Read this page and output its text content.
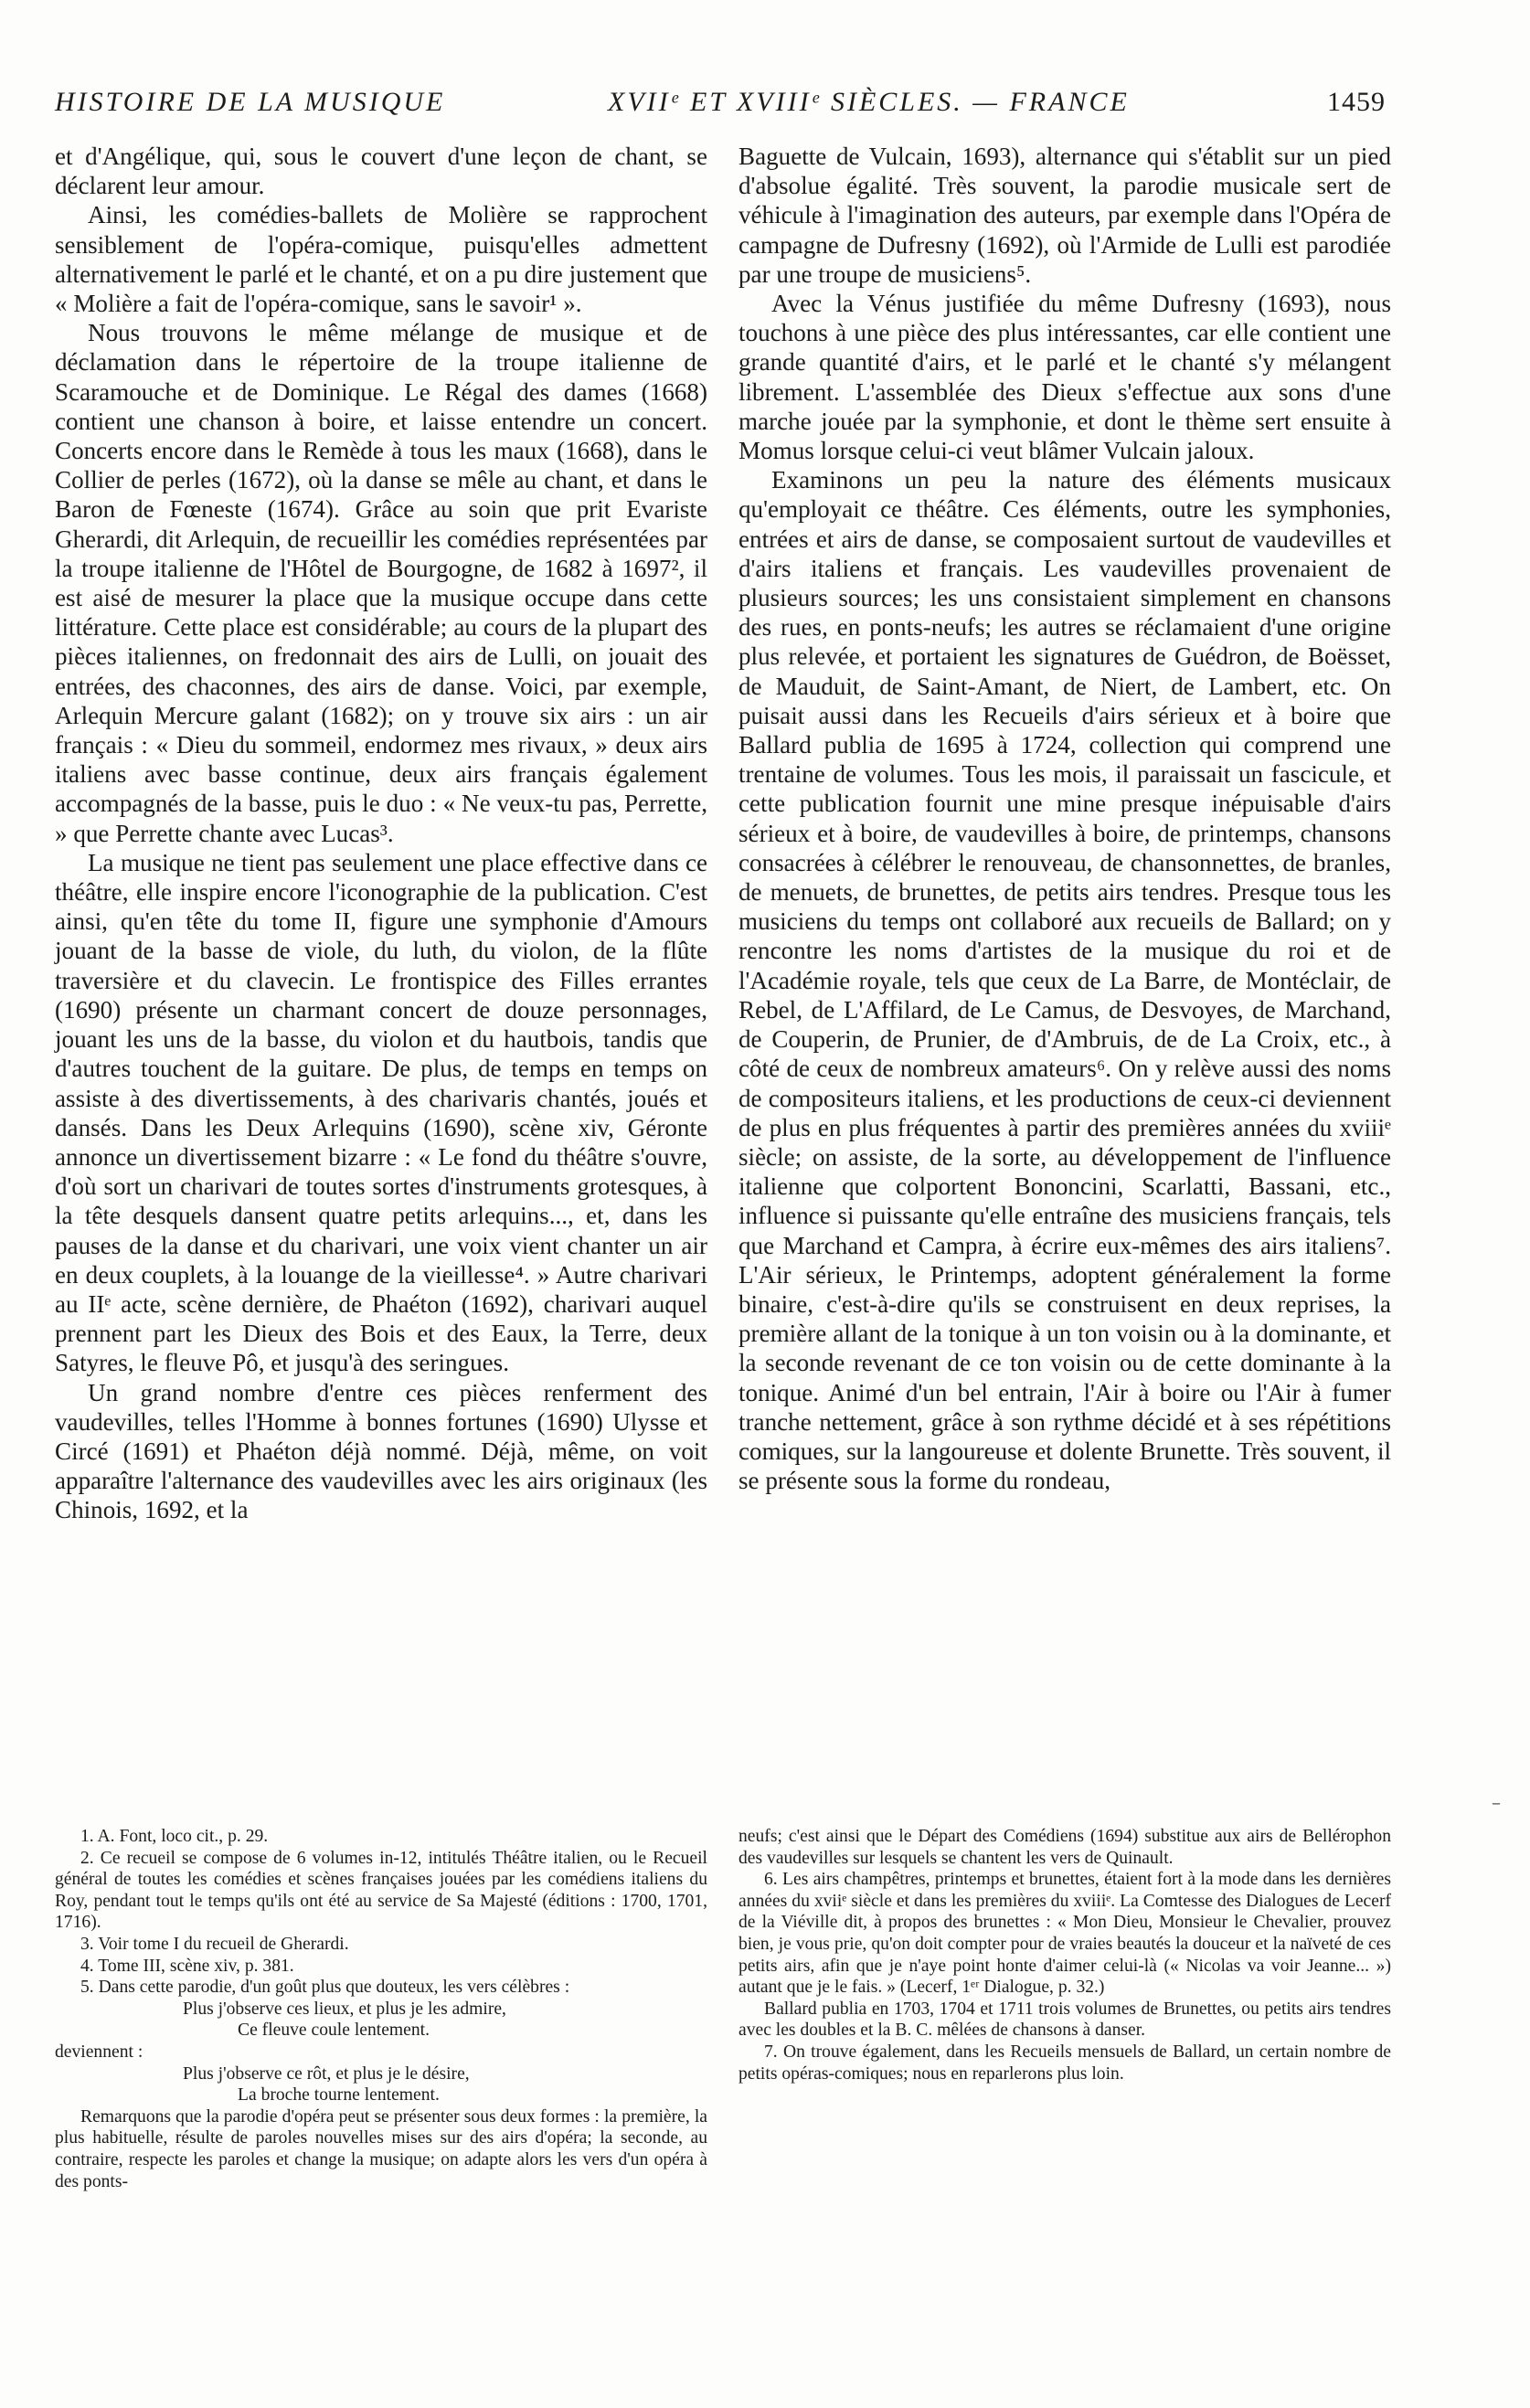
HISTOIRE DE LA MUSIQUE	XVIIᵉ ET XVIIIᵉ SIÈCLES. — FRANCE	1459

et d'Angélique, qui, sous le couvert d'une leçon de chant, se déclarent leur amour.

Ainsi, les comédies-ballets de Molière se rapprochent sensiblement de l'opéra-comique, puisqu'elles admettent alternativement le parlé et le chanté, et on a pu dire justement que « Molière a fait de l'opéra-comique, sans le savoir¹ ».

Nous trouvons le même mélange de musique et de déclamation dans le répertoire de la troupe italienne de Scaramouche et de Dominique. Le Régal des dames (1668) contient une chanson à boire, et laisse entendre un concert. Concerts encore dans le Remède à tous les maux (1668), dans le Collier de perles (1672), où la danse se mêle au chant, et dans le Baron de Fœneste (1674). Grâce au soin que prit Evariste Gherardi, dit Arlequin, de recueillir les comédies représentées par la troupe italienne de l'Hôtel de Bourgogne, de 1682 à 1697², il est aisé de mesurer la place que la musique occupe dans cette littérature. Cette place est considérable; au cours de la plupart des pièces italiennes, on fredonnait des airs de Lulli, on jouait des entrées, des chaconnes, des airs de danse. Voici, par exemple, Arlequin Mercure galant (1682); on y trouve six airs : un air français : « Dieu du sommeil, endormez mes rivaux, » deux airs italiens avec basse continue, deux airs français également accompagnés de la basse, puis le duo : « Ne veux-tu pas, Perrette, » que Perrette chante avec Lucas³.

La musique ne tient pas seulement une place effective dans ce théâtre, elle inspire encore l'iconographie de la publication. C'est ainsi, qu'en tête du tome II, figure une symphonie d'Amours jouant de la basse de viole, du luth, du violon, de la flûte traversière et du clavecin. Le frontispice des Filles errantes (1690) présente un charmant concert de douze personnages, jouant les uns de la basse, du violon et du hautbois, tandis que d'autres touchent de la guitare. De plus, de temps en temps on assiste à des divertissements, à des charivaris chantés, joués et dansés. Dans les Deux Arlequins (1690), scène xiv, Géronte annonce un divertissement bizarre : « Le fond du théâtre s'ouvre, d'où sort un charivari de toutes sortes d'instruments grotesques, à la tête desquels dansent quatre petits arlequins..., et, dans les pauses de la danse et du charivari, une voix vient chanter un air en deux couplets, à la louange de la vieillesse⁴. » Autre charivari au IIᵉ acte, scène dernière, de Phaéton (1692), charivari auquel prennent part les Dieux des Bois et des Eaux, la Terre, deux Satyres, le fleuve Pô, et jusqu'à des seringues.

Un grand nombre d'entre ces pièces renferment des vaudevilles, telles l'Homme à bonnes fortunes (1690) Ulysse et Circé (1691) et Phaéton déjà nommé. Déjà, même, on voit apparaître l'alternance des vaudevilles avec les airs originaux (les Chinois, 1692, et la

Baguette de Vulcain, 1693), alternance qui s'établit sur un pied d'absolue égalité. Très souvent, la parodie musicale sert de véhicule à l'imagination des auteurs, par exemple dans l'Opéra de campagne de Dufresny (1692), où l'Armide de Lulli est parodiée par une troupe de musiciens⁵.

Avec la Vénus justifiée du même Dufresny (1693), nous touchons à une pièce des plus intéressantes, car elle contient une grande quantité d'airs, et le parlé et le chanté s'y mélangent librement. L'assemblée des Dieux s'effectue aux sons d'une marche jouée par la symphonie, et dont le thème sert ensuite à Momus lorsque celui-ci veut blâmer Vulcain jaloux.

Examinons un peu la nature des éléments musicaux qu'employait ce théâtre. Ces éléments, outre les symphonies, entrées et airs de danse, se composaient surtout de vaudevilles et d'airs italiens et français. Les vaudevilles provenaient de plusieurs sources; les uns consistaient simplement en chansons des rues, en ponts-neufs; les autres se réclamaient d'une origine plus relevée, et portaient les signatures de Guédron, de Boësset, de Mauduit, de Saint-Amant, de Niert, de Lambert, etc. On puisait aussi dans les Recueils d'airs sérieux et à boire que Ballard publia de 1695 à 1724, collection qui comprend une trentaine de volumes. Tous les mois, il paraissait un fascicule, et cette publication fournit une mine presque inépuisable d'airs sérieux et à boire, de vaudevilles à boire, de printemps, chansons consacrées à célébrer le renouveau, de chansonnettes, de branles, de menuets, de brunettes, de petits airs tendres. Presque tous les musiciens du temps ont collaboré aux recueils de Ballard; on y rencontre les noms d'artistes de la musique du roi et de l'Académie royale, tels que ceux de La Barre, de Montéclair, de Rebel, de L'Affilard, de Le Camus, de Desvoyes, de Marchand, de Couperin, de Prunier, de d'Ambruis, de de La Croix, etc., à côté de ceux de nombreux amateurs⁶. On y relève aussi des noms de compositeurs italiens, et les productions de ceux-ci deviennent de plus en plus fréquentes à partir des premières années du xviiiᵉ siècle; on assiste, de la sorte, au développement de l'influence italienne que colportent Bononcini, Scarlatti, Bassani, etc., influence si puissante qu'elle entraîne des musiciens français, tels que Marchand et Campra, à écrire eux-mêmes des airs italiens⁷. L'Air sérieux, le Printemps, adoptent généralement la forme binaire, c'est-à-dire qu'ils se construisent en deux reprises, la première allant de la tonique à un ton voisin ou à la dominante, et la seconde revenant de ce ton voisin ou de cette dominante à la tonique. Animé d'un bel entrain, l'Air à boire ou l'Air à fumer tranche nettement, grâce à son rythme décidé et à ses répétitions comiques, sur la langoureuse et dolente Brunette. Très souvent, il se présente sous la forme du rondeau,

–

1. A. Font, loco cit., p. 29.

2. Ce recueil se compose de 6 volumes in-12, intitulés Théâtre italien, ou le Recueil général de toutes les comédies et scènes françaises jouées par les comédiens italiens du Roy, pendant tout le temps qu'ils ont été au service de Sa Majesté (éditions : 1700, 1701, 1716).

3. Voir tome I du recueil de Gherardi.

4. Tome III, scène xiv, p. 381.

5. Dans cette parodie, d'un goût plus que douteux, les vers célèbres :

Plus j'observe ces lieux, et plus je les admire,

Ce fleuve coule lentement.

deviennent :

Plus j'observe ce rôt, et plus je le désire,

La broche tourne lentement.

Remarquons que la parodie d'opéra peut se présenter sous deux formes : la première, la plus habituelle, résulte de paroles nouvelles mises sur des airs d'opéra; la seconde, au contraire, respecte les paroles et change la musique; on adapte alors les vers d'un opéra à des ponts-

neufs; c'est ainsi que le Départ des Comédiens (1694) substitue aux airs de Bellérophon des vaudevilles sur lesquels se chantent les vers de Quinault.

6. Les airs champêtres, printemps et brunettes, étaient fort à la mode dans les dernières années du xviiᵉ siècle et dans les premières du xviiiᵉ. La Comtesse des Dialogues de Lecerf de la Viéville dit, à propos des brunettes : « Mon Dieu, Monsieur le Chevalier, prouvez bien, je vous prie, qu'on doit compter pour de vraies beautés la douceur et la naïveté de ces petits airs, afin que je n'aye point honte d'aimer celui-là (« Nicolas va voir Jeanne... ») autant que je le fais. » (Lecerf, 1ᵉʳ Dialogue, p. 32.)

Ballard publia en 1703, 1704 et 1711 trois volumes de Brunettes, ou petits airs tendres avec les doubles et la B. C. mêlées de chansons à danser.

7. On trouve également, dans les Recueils mensuels de Ballard, un certain nombre de petits opéras-comiques; nous en reparlerons plus loin.
